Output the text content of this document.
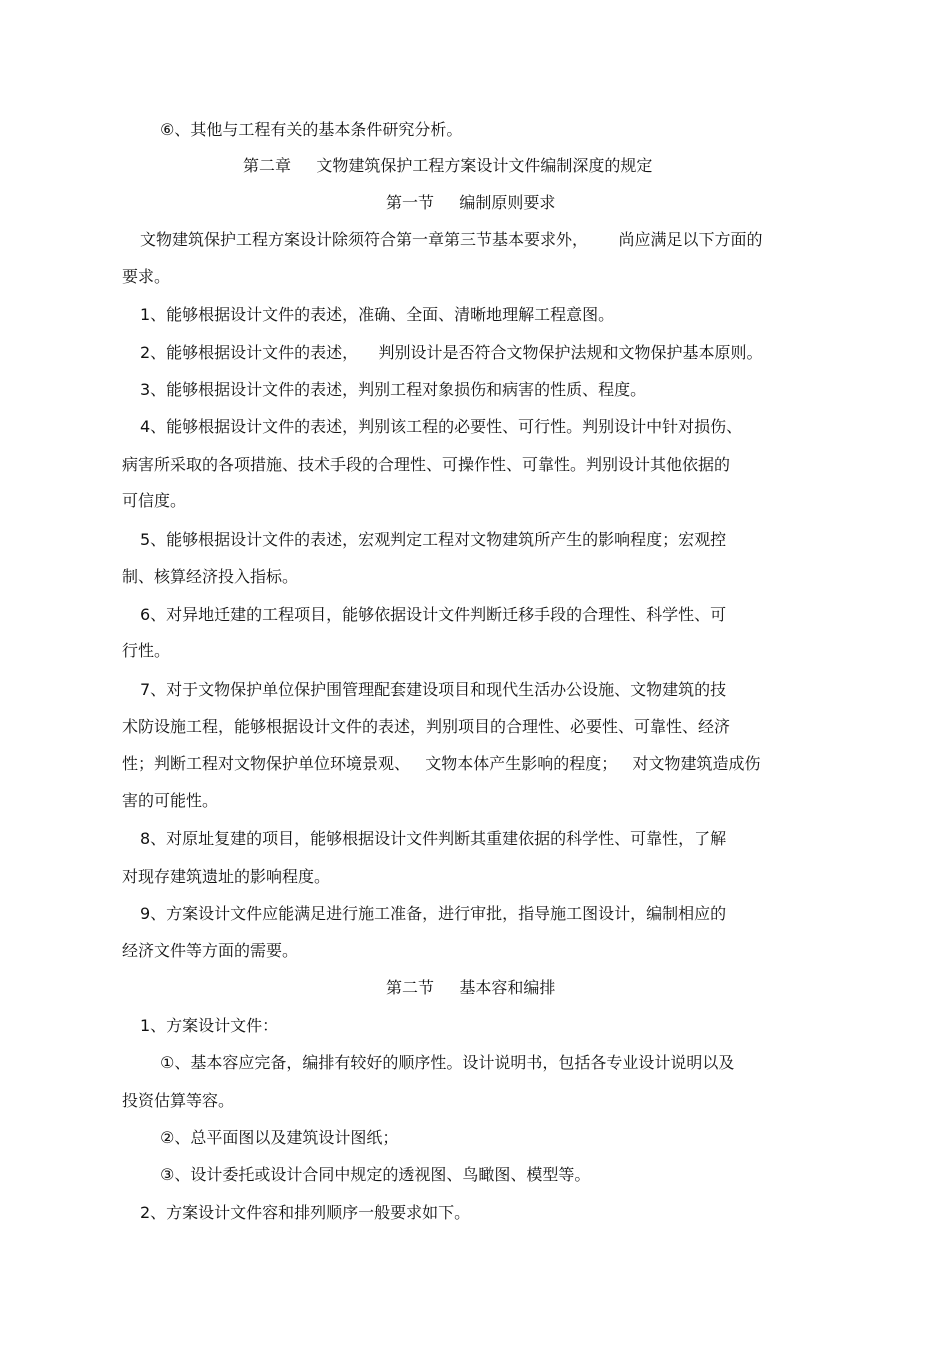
⑥、其他与工程有关的基本条件研究分析。
第二章     文物建筑保护工程方案设计文件编制深度的规定
第一节     编制原则要求
文物建筑保护工程方案设计除须符合第一章第三节基本要求外，      尚应满足以下方面的
要求。
1、能够根据设计文件的表述，准确、全面、清晰地理解工程意图。
2、能够根据设计文件的表述，    判别设计是否符合文物保护法规和文物保护基本原则。
3、能够根据设计文件的表述，判别工程对象损伤和病害的性质、程度。
4、能够根据设计文件的表述，判别该工程的必要性、可行性。判别设计中针对损伤、
病害所采取的各项措施、技术手段的合理性、可操作性、可靠性。判别设计其他依据的
可信度。
5、能够根据设计文件的表述，宏观判定工程对文物建筑所产生的影响程度；宏观控
制、核算经济投入指标。
6、对异地迁建的工程项目，能够依据设计文件判断迁移手段的合理性、科学性、可
行性。
7、对于文物保护单位保护围管理配套建设项目和现代生活办公设施、文物建筑的技
术防设施工程，能够根据设计文件的表述，判别项目的合理性、必要性、可靠性、经济
性；判断工程对文物保护单位环境景观、   文物本体产生影响的程度；   对文物建筑造成伤
害的可能性。
8、对原址复建的项目，能够根据设计文件判断其重建依据的科学性、可靠性，了解
对现存建筑遗址的影响程度。
9、方案设计文件应能满足进行施工准备，进行审批，指导施工图设计，编制相应的
经济文件等方面的需要。
第二节     基本容和编排
1、方案设计文件：
①、基本容应完备，编排有较好的顺序性。设计说明书，包括各专业设计说明以及
投资估算等容。
②、总平面图以及建筑设计图纸；
③、设计委托或设计合同中规定的透视图、鸟瞰图、模型等。
2、方案设计文件容和排列顺序一般要求如下。
